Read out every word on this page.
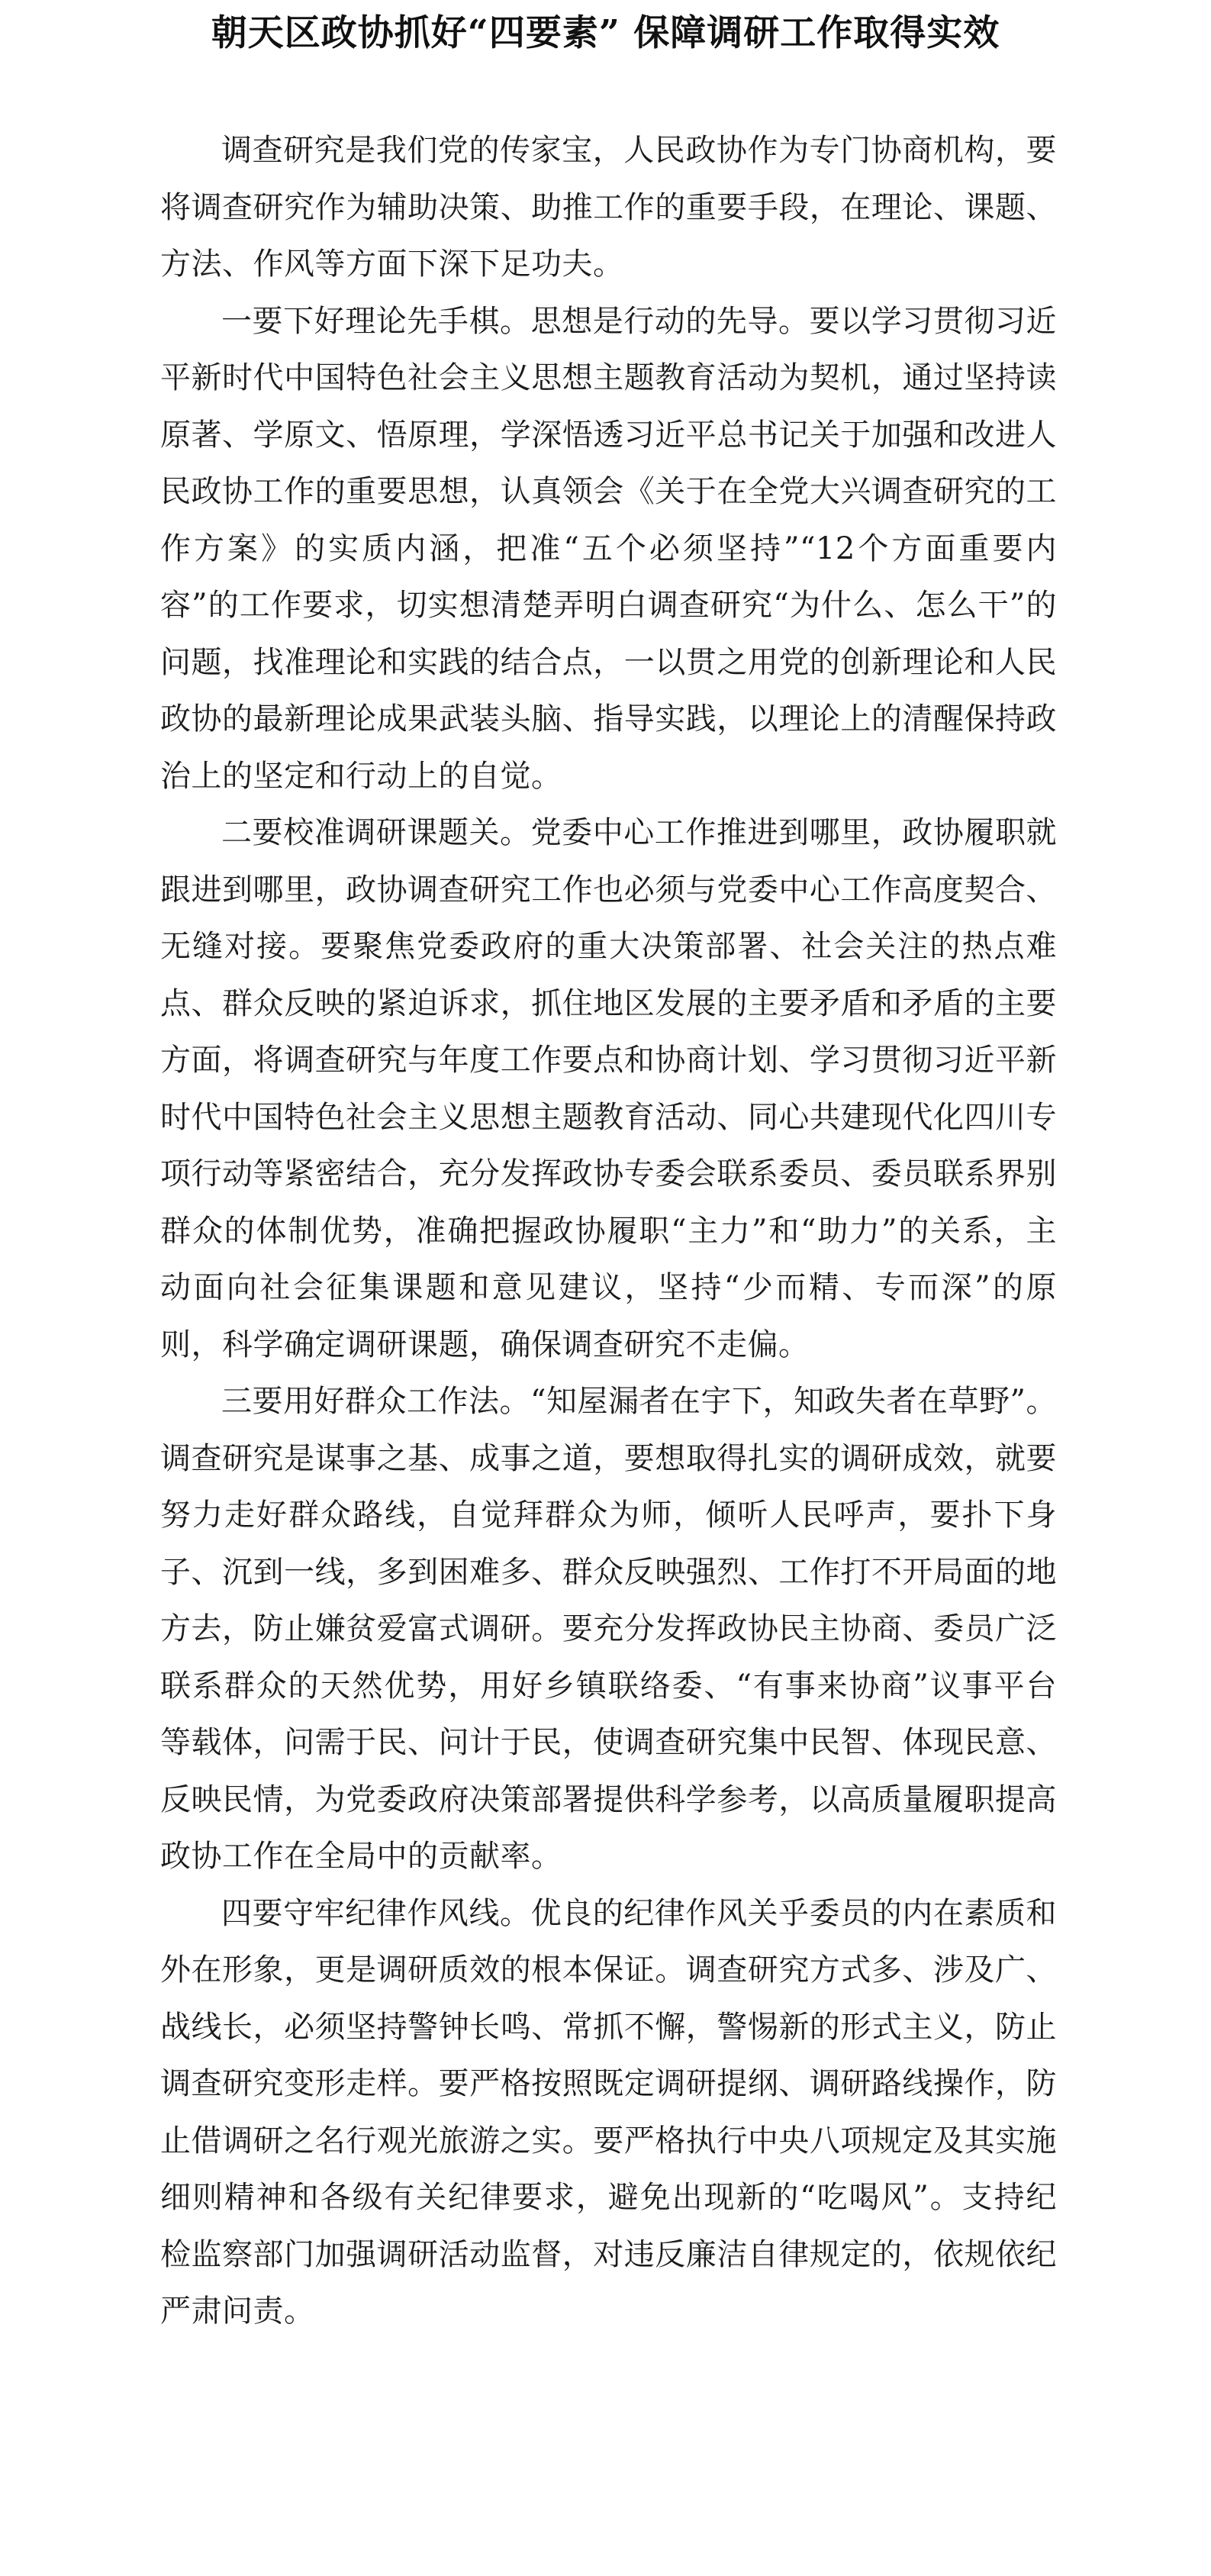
朝天区政协抓好“四要素” 保障调研工作取得实效

调查研究是我们党的传家宝，人民政协作为专门协商机构，要将调查研究作为辅助决策、助推工作的重要手段，在理论、课题、方法、作风等方面下深下足功夫。

一要下好理论先手棋。思想是行动的先导。要以学习贯彻习近平新时代中国特色社会主义思想主题教育活动为契机，通过坚持读原著、学原文、悟原理，学深悟透习近平总书记关于加强和改进人民政协工作的重要思想，认真领会《关于在全党大兴调查研究的工作方案》的实质内涵，把准“五个必须坚持”“12个方面重要内容”的工作要求，切实想清楚弄明白调查研究“为什么、怎么干”的问题，找准理论和实践的结合点，一以贯之用党的创新理论和人民政协的最新理论成果武装头脑、指导实践，以理论上的清醒保持政治上的坚定和行动上的自觉。

二要校准调研课题关。党委中心工作推进到哪里，政协履职就跟进到哪里，政协调查研究工作也必须与党委中心工作高度契合、无缝对接。要聚焦党委政府的重大决策部署、社会关注的热点难点、群众反映的紧迫诉求，抓住地区发展的主要矛盾和矛盾的主要方面，将调查研究与年度工作要点和协商计划、学习贯彻习近平新时代中国特色社会主义思想主题教育活动、同心共建现代化四川专项行动等紧密结合，充分发挥政协专委会联系委员、委员联系界别群众的体制优势，准确把握政协履职“主力”和“助力”的关系，主动面向社会征集课题和意见建议，坚持“少而精、专而深”的原则，科学确定调研课题，确保调查研究不走偏。

三要用好群众工作法。“知屋漏者在宇下，知政失者在草野”。调查研究是谋事之基、成事之道，要想取得扎实的调研成效，就要努力走好群众路线，自觉拜群众为师，倾听人民呼声，要扑下身子、沉到一线，多到困难多、群众反映强烈、工作打不开局面的地方去，防止嫌贫爱富式调研。要充分发挥政协民主协商、委员广泛联系群众的天然优势，用好乡镇联络委、“有事来协商”议事平台等载体，问需于民、问计于民，使调查研究集中民智、体现民意、反映民情，为党委政府决策部署提供科学参考，以高质量履职提高政协工作在全局中的贡献率。

四要守牢纪律作风线。优良的纪律作风关乎委员的内在素质和外在形象，更是调研质效的根本保证。调查研究方式多、涉及广、战线长，必须坚持警钟长鸣、常抓不懈，警惕新的形式主义，防止调查研究变形走样。要严格按照既定调研提纲、调研路线操作，防止借调研之名行观光旅游之实。要严格执行中央八项规定及其实施细则精神和各级有关纪律要求，避免出现新的“吃喝风”。支持纪检监察部门加强调研活动监督，对违反廉洁自律规定的，依规依纪严肃问责。
